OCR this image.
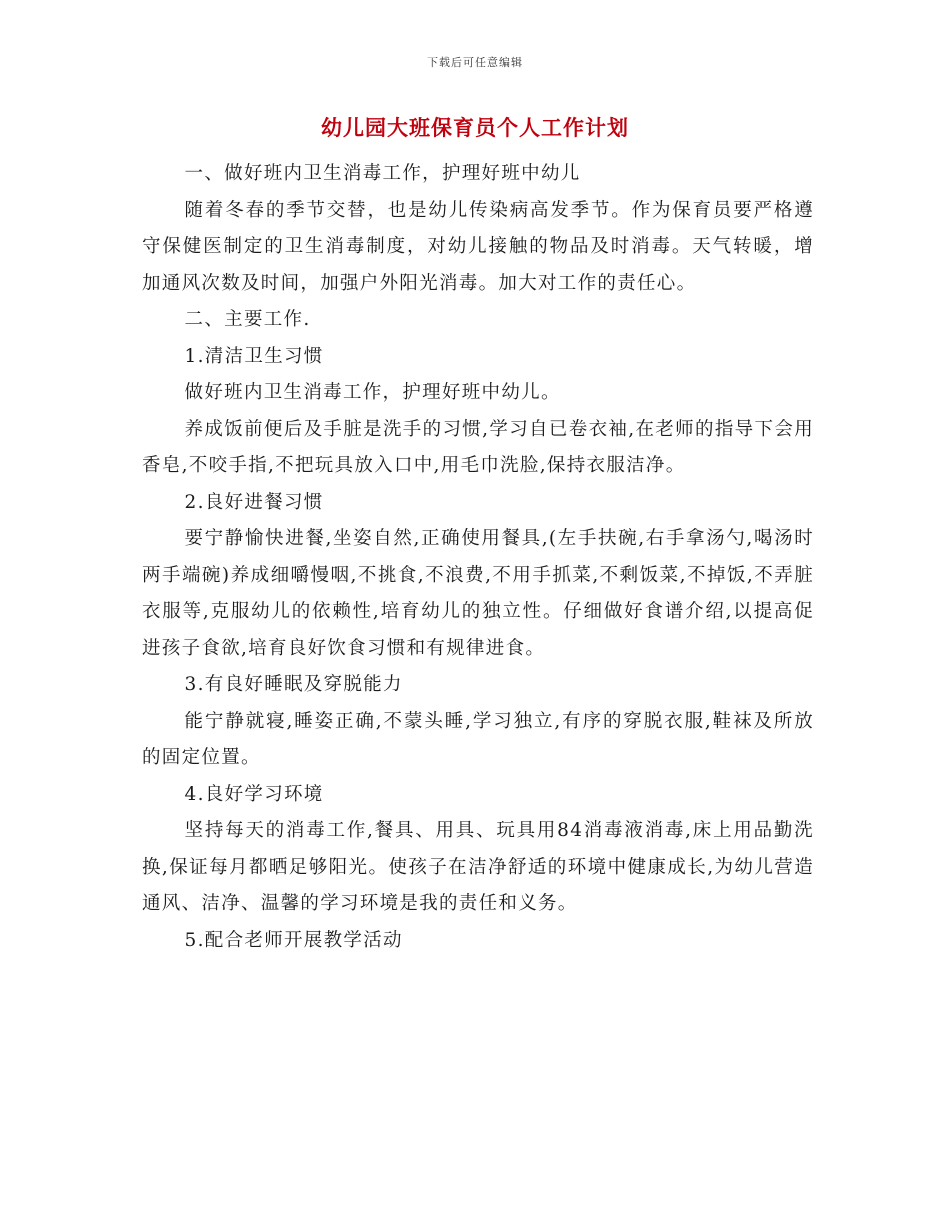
下载后可任意编辑
幼儿园大班保育员个人工作计划

一、做好班内卫生消毒工作，护理好班中幼儿

随着冬春的季节交替，也是幼儿传染病高发季节。作为保育员要严格遵守保健医制定的卫生消毒制度，对幼儿接触的物品及时消毒。天气转暖，增加通风次数及时间，加强户外阳光消毒。加大对工作的责任心。

二、主要工作.

1.清洁卫生习惯

做好班内卫生消毒工作，护理好班中幼儿。

养成饭前便后及手脏是洗手的习惯,学习自已卷衣袖,在老师的指导下会用香皂,不咬手指,不把玩具放入口中,用毛巾洗脸,保持衣服洁净。

2.良好进餐习惯

要宁静愉快进餐,坐姿自然,正确使用餐具,(左手扶碗,右手拿汤勺,喝汤时两手端碗)养成细嚼慢咽,不挑食,不浪费,不用手抓菜,不剩饭菜,不掉饭,不弄脏衣服等,克服幼儿的依赖性,培育幼儿的独立性。仔细做好食谱介绍,以提高促进孩子食欲,培育良好饮食习惯和有规律进食。

3.有良好睡眠及穿脱能力

能宁静就寝,睡姿正确,不蒙头睡,学习独立,有序的穿脱衣服,鞋袜及所放的固定位置。

4.良好学习环境

坚持每天的消毒工作,餐具、用具、玩具用84消毒液消毒,床上用品勤洗换,保证每月都晒足够阳光。使孩子在洁净舒适的环境中健康成长,为幼儿营造通风、洁净、温馨的学习环境是我的责任和义务。

5.配合老师开展教学活动
